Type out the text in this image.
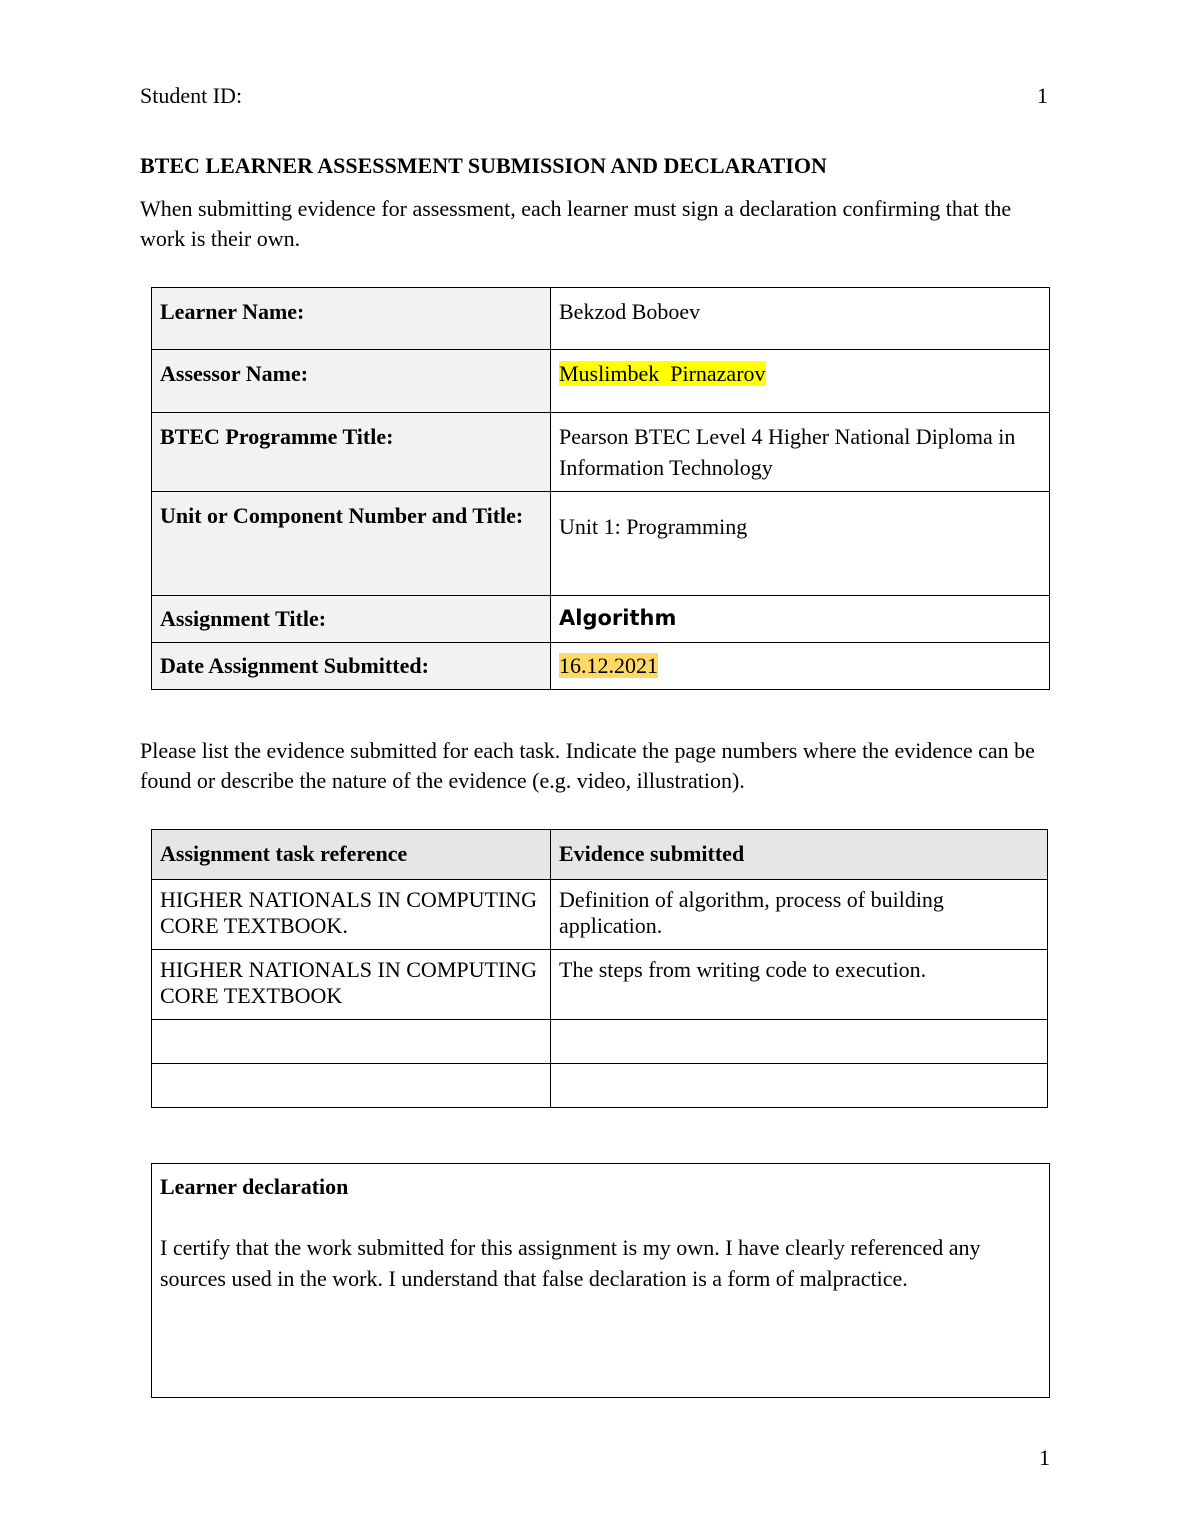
Student ID:	1
BTEC LEARNER ASSESSMENT SUBMISSION AND DECLARATION
When submitting evidence for assessment, each learner must sign a declaration confirming that the work is their own.
Learner Name:	Bekzod Boboev
Assessor Name:	Muslimbek  Pirnazarov
BTEC Programme Title:	Pearson BTEC Level 4 Higher National Diploma in Information Technology
Unit or Component Number and Title:	Unit 1: Programming
Assignment Title:	Algorithm
Date Assignment Submitted:	16.12.2021
Please list the evidence submitted for each task. Indicate the page numbers where the evidence can be found or describe the nature of the evidence (e.g. video, illustration).
Assignment task reference	Evidence submitted
HIGHER NATIONALS IN COMPUTING CORE TEXTBOOK.	Definition of algorithm, process of building application.
HIGHER NATIONALS IN COMPUTING CORE TEXTBOOK	The steps from writing code to execution.

Learner declaration
I certify that the work submitted for this assignment is my own. I have clearly referenced any sources used in the work. I understand that false declaration is a form of malpractice.
1
